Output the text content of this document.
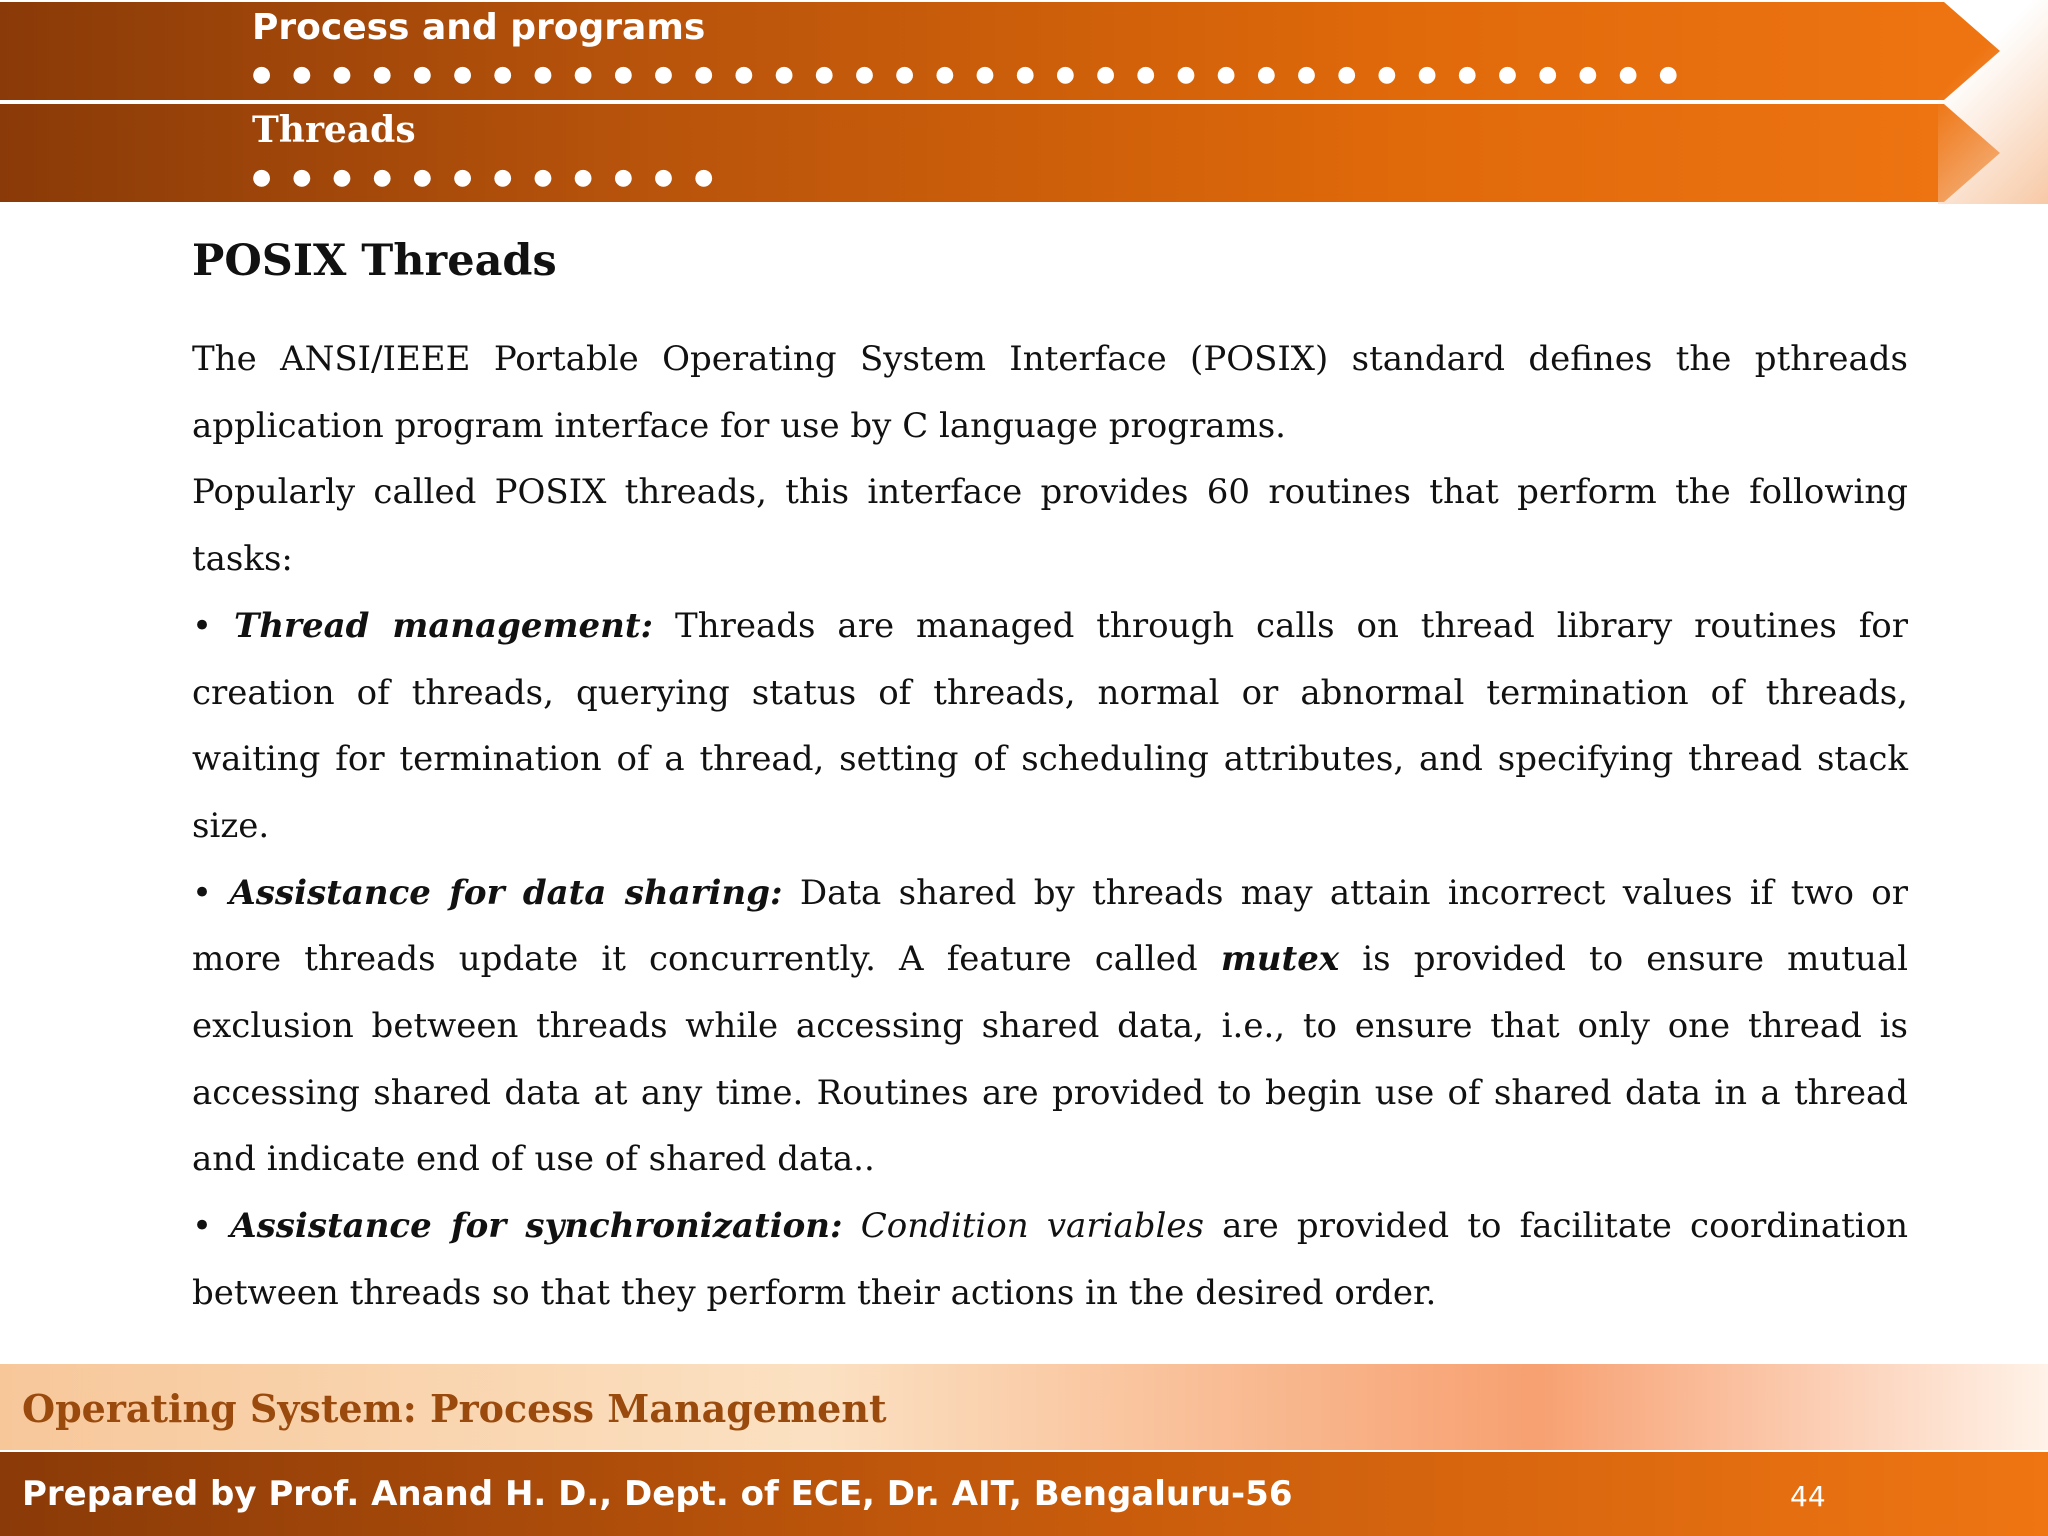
Process and programs
● ● ● ● ● ● ● ● ● ● ● ● ● ● ● ● ● ● ● ● ● ● ● ● ● ● ● ● ● ● ● ● ● ● ● ●
Threads
● ● ● ● ● ● ● ● ● ● ● ●
POSIX Threads

The ANSI/IEEE Portable Operating System Interface (POSIX) standard defines the pthreads application program interface for use by C language programs.

Popularly called POSIX threads, this interface provides 60 routines that perform the following tasks:

• Thread management: Threads are managed through calls on thread library routines for creation of threads, querying status of threads, normal or abnormal termination of threads, waiting for termination of a thread, setting of scheduling attributes, and specifying thread stack size.

• Assistance for data sharing: Data shared by threads may attain incorrect values if two or more threads update it concurrently. A feature called mutex is provided to ensure mutual exclusion between threads while accessing shared data, i.e., to ensure that only one thread is accessing shared data at any time. Routines are provided to begin use of shared data in a thread and indicate end of use of shared data..

• Assistance for synchronization: Condition variables are provided to facilitate coordination between threads so that they perform their actions in the desired order.

Operating System: Process Management
Prepared by Prof. Anand H. D., Dept. of ECE, Dr. AIT, Bengaluru-56	44
